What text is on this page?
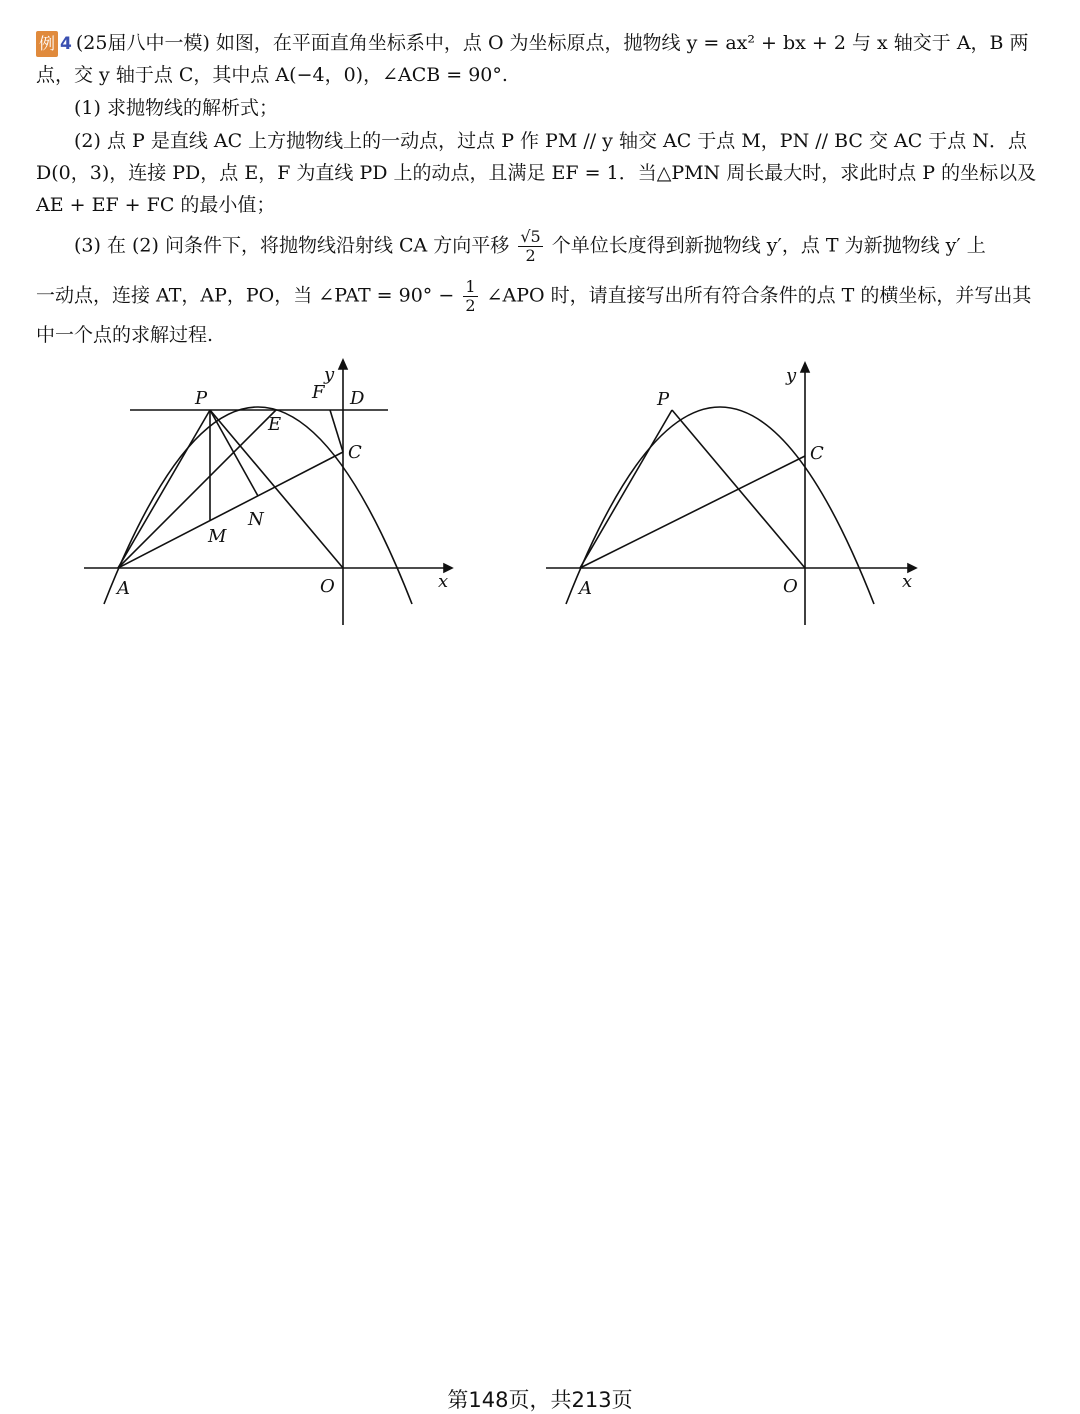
例 4 (25届八中一模) 如图，在平面直角坐标系中，点 O 为坐标原点，抛物线 y = ax² + bx + 2 与 x 轴交于 A，B 两
点，交 y 轴于点 C，其中点 A(−4，0)，∠ACB = 90°.
(1) 求抛物线的解析式；
(2) 点 P 是直线 AC 上方抛物线上的一动点，过点 P 作 PM // y 轴交 AC 于点 M，PN // BC 交 AC 于点 N．点
D(0，3)，连接 PD，点 E，F 为直线 PD 上的动点，且满足 EF = 1．当△PMN 周长最大时，求此时点 P 的坐标以及
AE + EF + FC 的最小值；
(3) 在 (2) 问条件下，将抛物线沿射线 CA 方向平移 $\frac{√5}{2}$ 个单位长度得到新抛物线 y′，点 T 为新抛物线 y′ 上
一动点，连接 AT，AP，PO，当 ∠PAT = $90^\circ - \frac{1}{2}$ ∠APO 时，请直接写出所有符合条件的点 T 的横坐标，并写出其
中一个点的求解过程.
P	F D
y
E
C
M
N
A	O	x
P
y
C
A	O	x
第148页，共213页
